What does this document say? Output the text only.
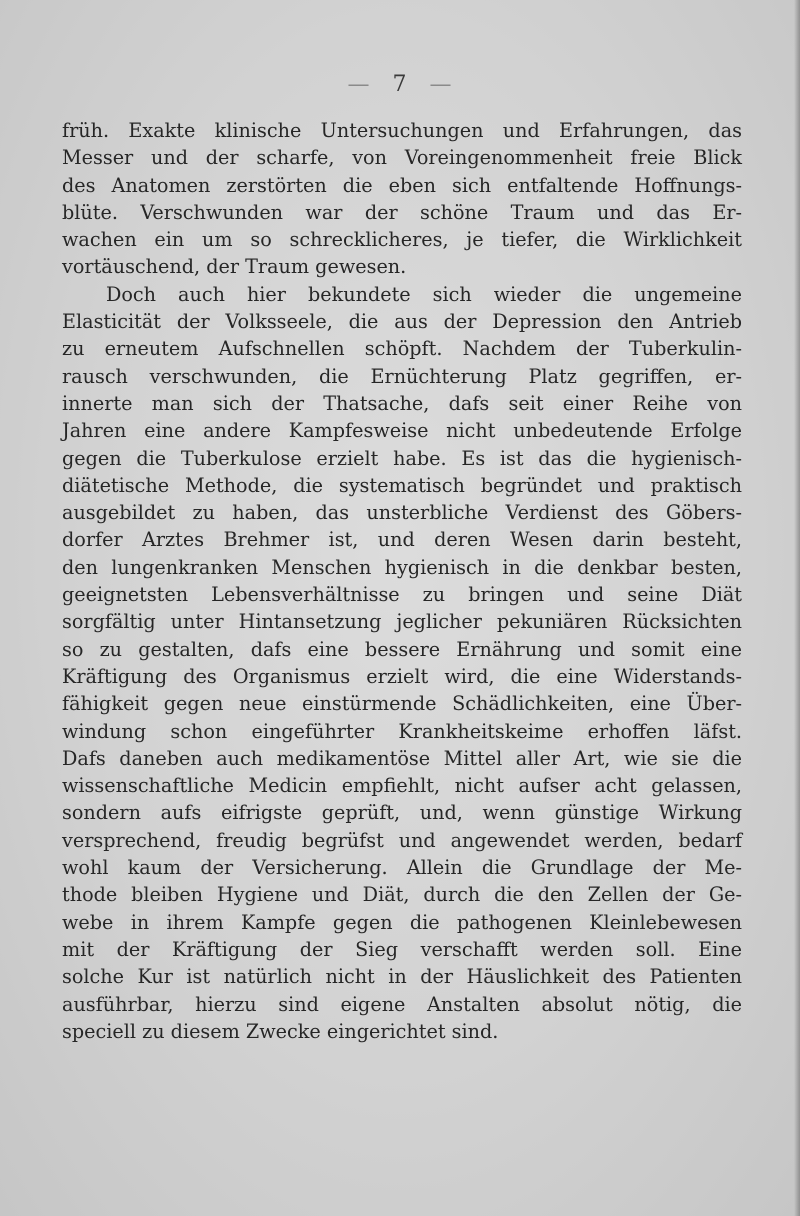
— 7 —
früh. Exakte klinische Untersuchungen und Erfahrungen, das
Messer und der scharfe, von Voreingenommenheit freie Blick
des Anatomen zerstörten die eben sich entfaltende Hoffnungs-
blüte. Verschwunden war der schöne Traum und das Er-
wachen ein um so schrecklicheres, je tiefer, die Wirklichkeit
vortäuschend, der Traum gewesen.
Doch auch hier bekundete sich wieder die ungemeine
Elasticität der Volksseele, die aus der Depression den Antrieb
zu erneutem Aufschnellen schöpft. Nachdem der Tuberkulin-
rausch verschwunden, die Ernüchterung Platz gegriffen, er-
innerte man sich der Thatsache, dafs seit einer Reihe von
Jahren eine andere Kampfesweise nicht unbedeutende Erfolge
gegen die Tuberkulose erzielt habe. Es ist das die hygienisch-
diätetische Methode, die systematisch begründet und praktisch
ausgebildet zu haben, das unsterbliche Verdienst des Göbers-
dorfer Arztes Brehmer ist, und deren Wesen darin besteht,
den lungenkranken Menschen hygienisch in die denkbar besten,
geeignetsten Lebensverhältnisse zu bringen und seine Diät
sorgfältig unter Hintansetzung jeglicher pekuniären Rücksichten
so zu gestalten, dafs eine bessere Ernährung und somit eine
Kräftigung des Organismus erzielt wird, die eine Widerstands-
fähigkeit gegen neue einstürmende Schädlichkeiten, eine Über-
windung schon eingeführter Krankheitskeime erhoffen läfst.
Dafs daneben auch medikamentöse Mittel aller Art, wie sie die
wissenschaftliche Medicin empfiehlt, nicht aufser acht gelassen,
sondern aufs eifrigste geprüft, und, wenn günstige Wirkung
versprechend, freudig begrüfst und angewendet werden, bedarf
wohl kaum der Versicherung. Allein die Grundlage der Me-
thode bleiben Hygiene und Diät, durch die den Zellen der Ge-
webe in ihrem Kampfe gegen die pathogenen Kleinlebewesen
mit der Kräftigung der Sieg verschafft werden soll. Eine
solche Kur ist natürlich nicht in der Häuslichkeit des Patienten
ausführbar, hierzu sind eigene Anstalten absolut nötig, die
speciell zu diesem Zwecke eingerichtet sind.
